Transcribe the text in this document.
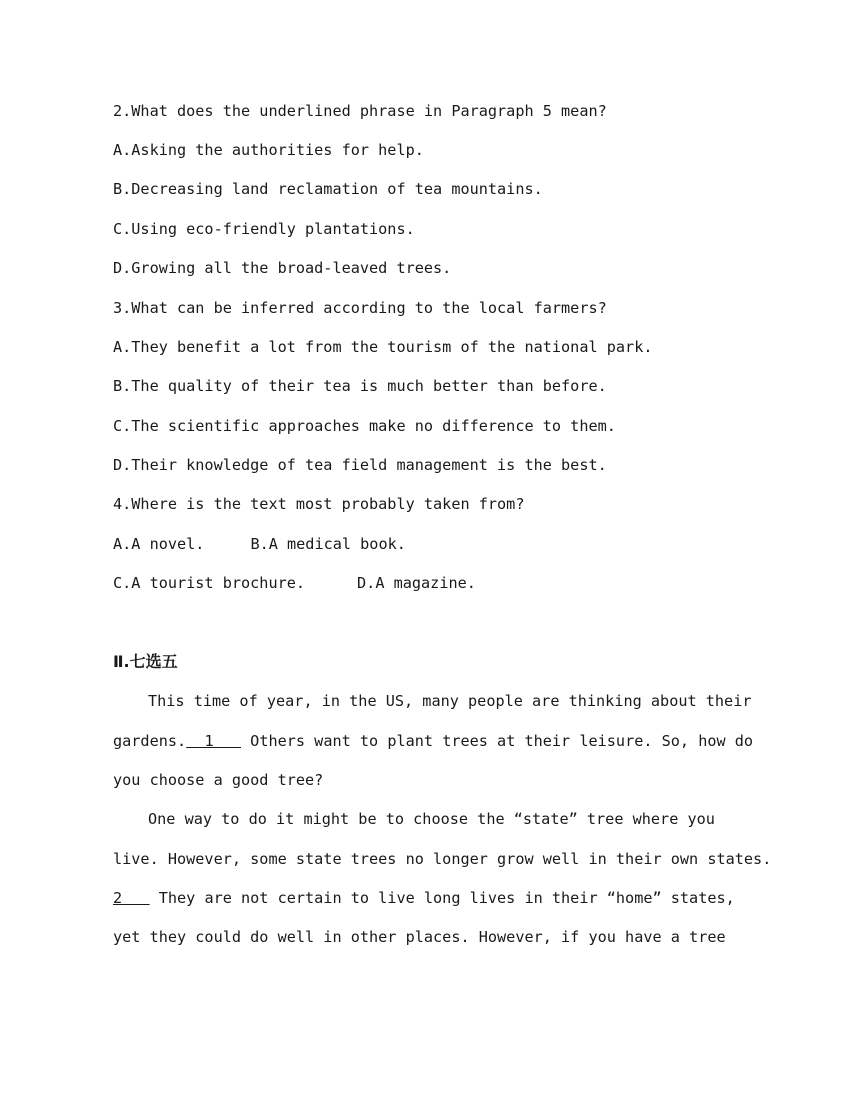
2.What does the underlined phrase in Paragraph 5 mean?
A.Asking the authorities for help.
B.Decreasing land reclamation of tea mountains.
C.Using eco-friendly plantations.
D.Growing all the broad-leaved trees.
3.What can be inferred according to the local farmers?
A.They benefit a lot from the tourism of the national park.
B.The quality of their tea is much better than before.
C.The scientific approaches make no difference to them.
D.Their knowledge of tea field management is the best.
4.Where is the text most probably taken from?
A.A novel.	B.A medical book.
C.A tourist brochure.	D.A magazine.
Ⅱ.七选五
This time of year, in the US, many people are thinking about their
gardens.  1    Others want to plant trees at their leisure. So, how do
you choose a good tree?
One way to do it might be to choose the “state” tree where you
live. However, some state trees no longer grow well in their own states.
2    They are not certain to live long lives in their “home” states,
yet they could do well in other places. However, if you have a tree
